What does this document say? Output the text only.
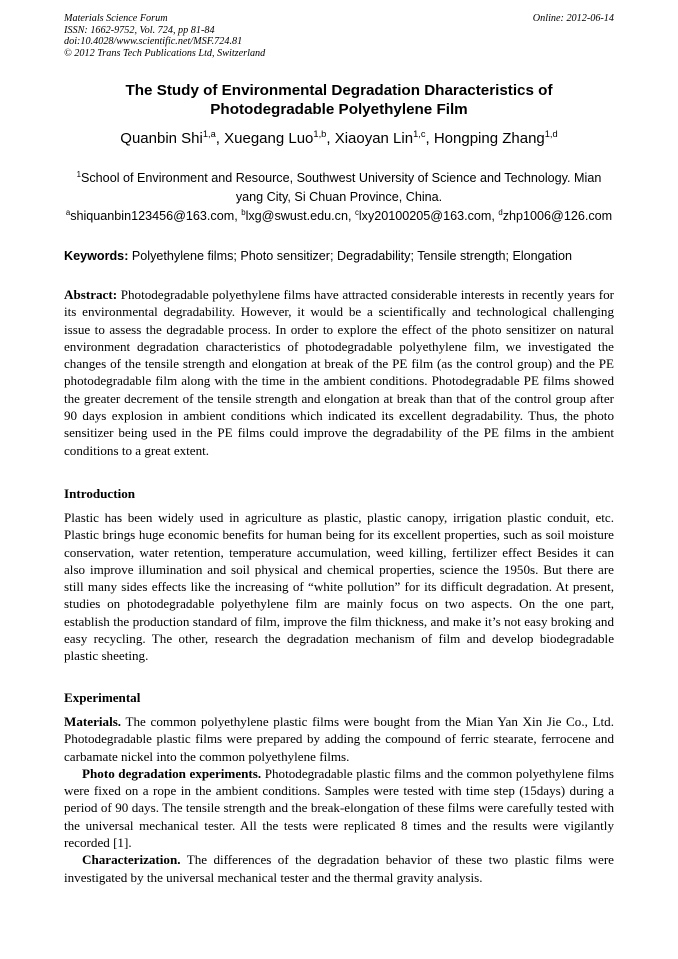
Materials Science Forum
ISSN: 1662-9752, Vol. 724, pp 81-84
doi:10.4028/www.scientific.net/MSF.724.81
© 2012 Trans Tech Publications Ltd, Switzerland
Online: 2012-06-14
The Study of Environmental Degradation Dharacteristics of
Photodegradable Polyethylene Film
Quanbin Shi$^{1,a}$, Xuegang Luo$^{1,b}$, Xiaoyan Lin$^{1,c}$, Hongping Zhang$^{1,d}$
$^1$School of Environment and Resource, Southwest University of Science and Technology. Mian yang City, Si Chuan Province, China.
$^a$shiquanbin123456@163.com, $^b$lxg@swust.edu.cn, $^c$lxy20100205@163.com, $^d$zhp1006@126.com
Keywords: Polyethylene films; Photo sensitizer; Degradability; Tensile strength; Elongation

Abstract: Photodegradable polyethylene films have attracted considerable interests in recently years for its environmental degradability. However, it would be a scientifically and technological challenging issue to assess the degradable process. In order to explore the effect of the photo sensitizer on natural environment degradation characteristics of photodegradable polyethylene film, we investigated the changes of the tensile strength and elongation at break of the PE film (as the control group) and the PE photodegradable film along with the time in the ambient conditions. Photodegradable PE films showed the greater decrement of the tensile strength and elongation at break than that of the control group after 90 days explosion in ambient conditions which indicated its excellent degradability. Thus, the photo sensitizer being used in the PE films could improve the degradability of the PE films in the ambient conditions to a great extent.

Introduction

Plastic has been widely used in agriculture as plastic, plastic canopy, irrigation plastic conduit, etc. Plastic brings huge economic benefits for human being for its excellent properties, such as soil moisture conservation, water retention, temperature accumulation, weed killing, fertilizer effect Besides it can also improve illumination and soil physical and chemical properties, science the 1950s. But there are still many sides effects like the increasing of “white pollution” for its difficult degradation. At present, studies on photodegradable polyethylene film are mainly focus on two aspects. On the one part, establish the production standard of film, improve the film thickness, and make it’s not easy broking and easy recycling. The other, research the degradation mechanism of film and develop biodegradable plastic sheeting.

Experimental

Materials. The common polyethylene plastic films were bought from the Mian Yan Xin Jie Co., Ltd. Photodegradable plastic films were prepared by adding the compound of ferric stearate, ferrocene and carbamate nickel into the common polyethylene films.

Photo degradation experiments. Photodegradable plastic films and the common polyethylene films were fixed on a rope in the ambient conditions. Samples were tested with time step (15days) during a period of 90 days. The tensile strength and the break-elongation of these films were carefully tested with the universal mechanical tester. All the tests were replicated 8 times and the results were vigilantly recorded [1].

Characterization. The differences of the degradation behavior of these two plastic films were investigated by the universal mechanical tester and the thermal gravity analysis.
